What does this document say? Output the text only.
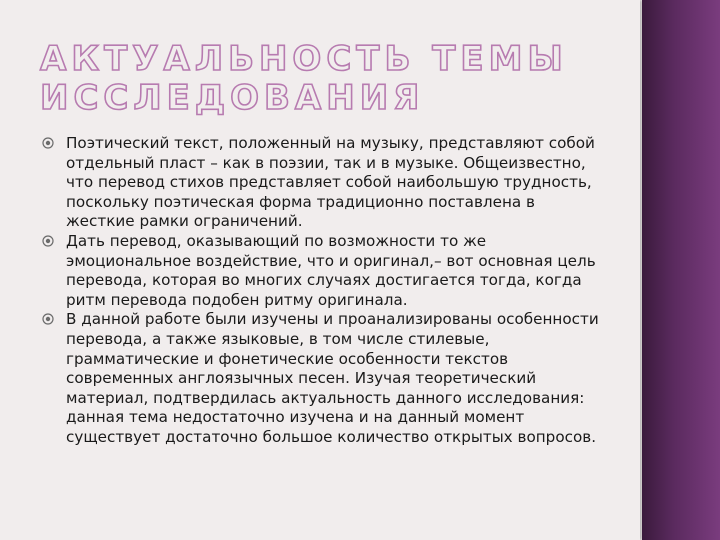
АКТУАЛЬНОСТЬ ТЕМЫ
ИССЛЕДОВАНИЯ
Поэтический текст, положенный на музыку, представляют собой отдельный пласт – как в поэзии, так и в музыке. Общеизвестно, что перевод стихов представляет собой наибольшую трудность, поскольку поэтическая форма традиционно поставлена в жесткие рамки ограничений.
Дать перевод, оказывающий по возможности то же эмоциональное воздействие, что и оригинал,– вот основная цель перевода, которая во многих случаях достигается тогда, когда ритм перевода подобен ритму оригинала.
В данной работе были изучены и проанализированы особенности перевода, а также языковые, в том числе стилевые, грамматические и фонетические особенности текстов современных англоязычных песен. Изучая теоретический материал, подтвердилась актуальность данного исследования: данная тема недостаточно изучена и на данный момент существует достаточно большое количество открытых вопросов.
